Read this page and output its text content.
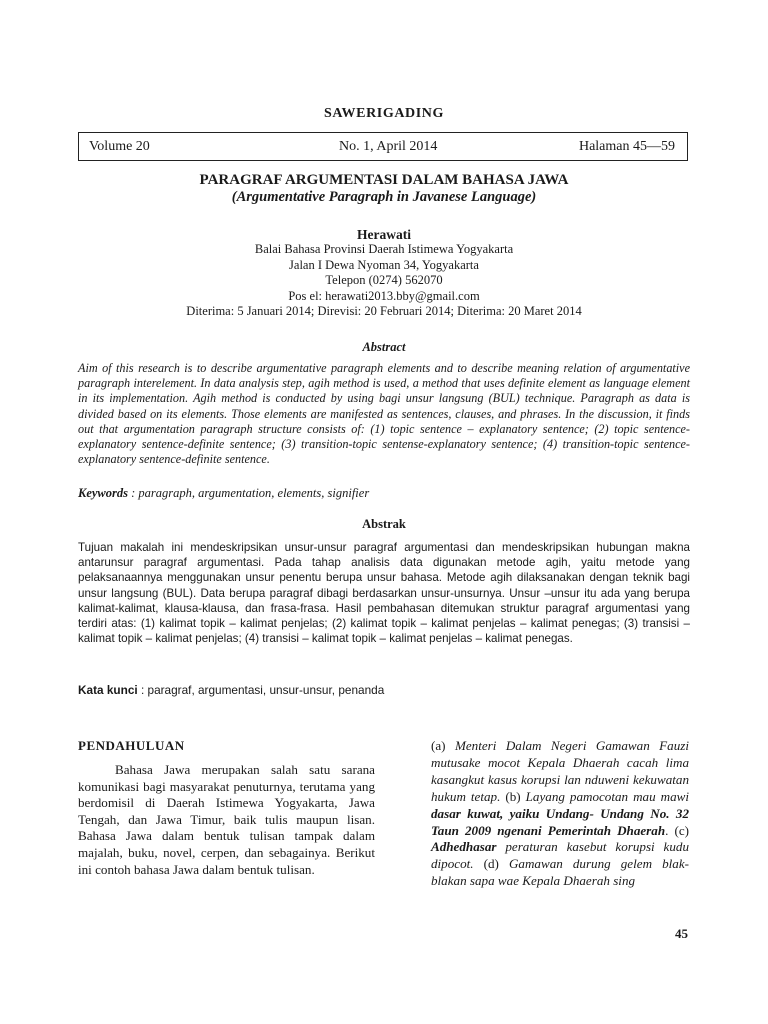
SAWERIGADING
Volume 20	No. 1, April 2014	Halaman 45—59
PARAGRAF ARGUMENTASI DALAM BAHASA JAWA
(Argumentative Paragraph in Javanese Language)
Herawati
Balai Bahasa Provinsi Daerah Istimewa Yogyakarta
Jalan I Dewa Nyoman 34, Yogyakarta
Telepon (0274) 562070
Pos el: herawati2013.bby@gmail.com
Diterima: 5 Januari 2014; Direvisi: 20 Februari 2014; Diterima: 20 Maret 2014
Abstract
Aim of this research is to describe argumentative paragraph elements and to describe meaning relation of argumentative paragraph interelement. In data analysis step, agih method is used, a method that uses definite element as language element in its implementation. Agih method is conducted by using bagi unsur langsung (BUL) technique. Paragraph as data is divided based on its elements. Those elements are manifested as sentences, clauses, and phrases. In the discussion, it finds out that argumentation paragraph structure consists of: (1) topic sentence – explanatory sentence; (2) topic sentence-explanatory sentence-definite sentence; (3) transition-topic sentense-explanatory sentence; (4) transition-topic sentence-explanatory sentence-definite sentence.
Keywords : paragraph, argumentation, elements, signifier
Abstrak
Tujuan makalah ini mendeskripsikan unsur-unsur paragraf argumentasi dan mendeskripsikan hubungan makna antarunsur paragraf argumentasi. Pada tahap analisis data digunakan metode agih, yaitu metode yang pelaksanaannya menggunakan unsur penentu berupa unsur bahasa. Metode agih dilaksanakan dengan teknik bagi unsur langsung (BUL). Data berupa paragraf dibagi berdasarkan unsur-unsurnya. Unsur –unsur itu ada yang berupa kalimat-kalimat, klausa-klausa, dan frasa-frasa. Hasil pembahasan ditemukan struktur paragraf argumentasi yang terdiri atas: (1) kalimat topik – kalimat penjelas; (2) kalimat topik – kalimat penjelas – kalimat penegas; (3) transisi – kalimat topik – kalimat penjelas; (4) transisi – kalimat topik – kalimat penjelas – kalimat penegas.
Kata kunci : paragraf, argumentasi, unsur-unsur, penanda
PENDAHULUAN

Bahasa Jawa merupakan salah satu sarana komunikasi bagi masyarakat penuturnya, terutama yang berdomisil di Daerah Istimewa Yogyakarta, Jawa Tengah, dan Jawa Timur, baik tulis maupun lisan. Bahasa Jawa dalam bentuk tulisan tampak dalam majalah, buku, novel, cerpen, dan sebagainya. Berikut ini contoh bahasa Jawa dalam bentuk tulisan.

(a) Menteri Dalam Negeri Gamawan Fauzi mutusake mocot Kepala Dhaerah cacah lima kasangkut kasus korupsi lan nduweni kekuwatan hukum tetap. (b) Layang pamocotan mau mawi dasar kuwat, yaiku Undang- Undang No. 32 Taun 2009 ngenani Pemerintah Dhaerah. (c) Adhedhasar peraturan kasebut korupsi kudu dipocot. (d) Gamawan durung gelem blak-blakan sapa wae Kepala Dhaerah sing

45
